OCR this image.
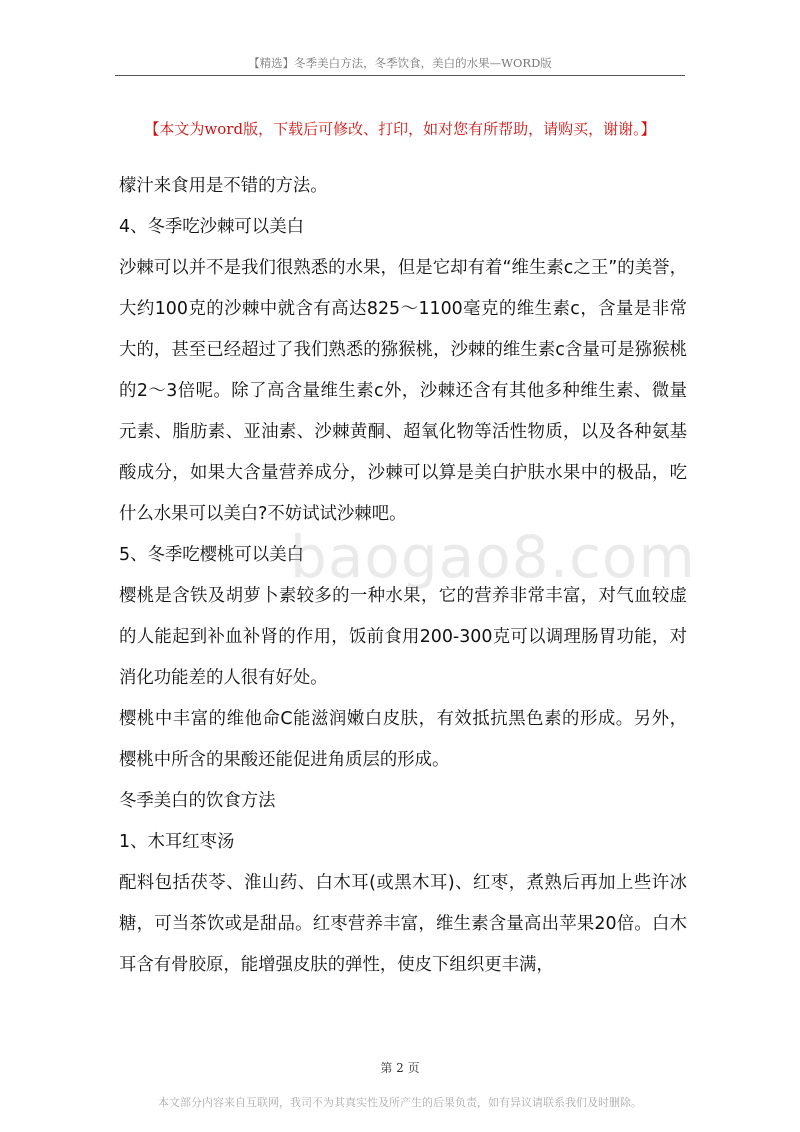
【精选】冬季美白方法，冬季饮食，美白的水果—WORD版
【本文为word版，下载后可修改、打印，如对您有所帮助，请购买，谢谢。】

檬汁来食用是不错的方法。

4、冬季吃沙棘可以美白

沙棘可以并不是我们很熟悉的水果，但是它却有着“维生素c之王”的美誉，大约100克的沙棘中就含有高达825～1100毫克的维生素c，含量是非常大的，甚至已经超过了我们熟悉的猕猴桃，沙棘的维生素c含量可是猕猴桃的2～3倍呢。除了高含量维生素c外，沙棘还含有其他多种维生素、微量元素、脂肪素、亚油素、沙棘黄酮、超氧化物等活性物质，以及各种氨基酸成分，如果大含量营养成分，沙棘可以算是美白护肤水果中的极品，吃什么水果可以美白?不妨试试沙棘吧。

5、冬季吃樱桃可以美白

樱桃是含铁及胡萝卜素较多的一种水果，它的营养非常丰富，对气血较虚的人能起到补血补肾的作用，饭前食用200-300克可以调理肠胃功能，对消化功能差的人很有好处。

樱桃中丰富的维他命C能滋润嫩白皮肤，有效抵抗黑色素的形成。另外，樱桃中所含的果酸还能促进角质层的形成。

冬季美白的饮食方法

1、木耳红枣汤

配料包括茯苓、淮山药、白木耳(或黑木耳)、红枣，煮熟后再加上些许冰糖，可当茶饮或是甜品。红枣营养丰富，维生素含量高出苹果20倍。白木耳含有骨胶原，能增强皮肤的弹性，使皮下组织更丰满，

baogao8.com
第 2 页
本文部分内容来自互联网，我司不为其真实性及所产生的后果负责，如有异议请联系我们及时删除。
